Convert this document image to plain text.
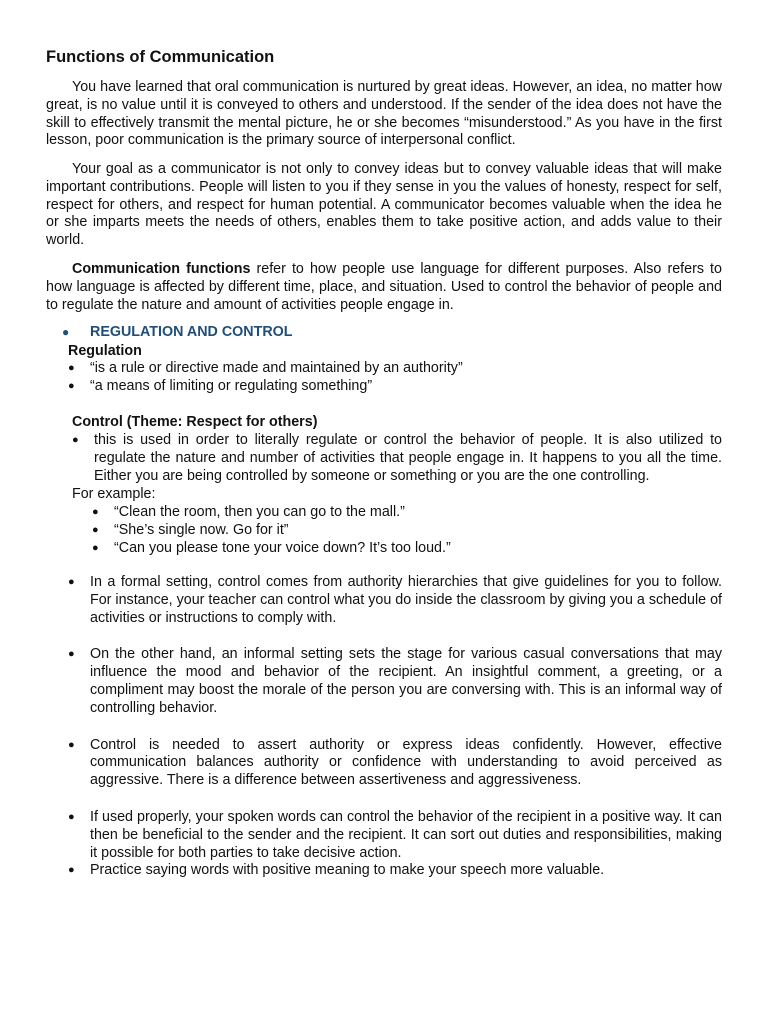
Functions of Communication

You have learned that oral communication is nurtured by great ideas. However, an idea, no matter how great, is no value until it is conveyed to others and understood. If the sender of the idea does not have the skill to effectively transmit the mental picture, he or she becomes “misunderstood.” As you have in the first lesson, poor communication is the primary source of interpersonal conflict.

Your goal as a communicator is not only to convey ideas but to convey valuable ideas that will make important contributions. People will listen to you if they sense in you the values of honesty, respect for self, respect for others, and respect for human potential. A communicator becomes valuable when the idea he or she imparts meets the needs of others, enables them to take positive action, and adds value to their world.

Communication functions refer to how people use language for different purposes. Also refers to how language is affected by different time, place, and situation. Used to control the behavior of people and to regulate the nature and amount of activities people engage in.

●	REGULATION AND CONTROL

Regulation

●	“is a rule or directive made and maintained by an authority”
●	“a means of limiting or regulating something”

Control (Theme: Respect for others)

●	this is used in order to literally regulate or control the behavior of people. It is also utilized to regulate the nature and number of activities that people engage in. It happens to you all the time. Either you are being controlled by someone or something or you are the one controlling.

For example:

●	“Clean the room, then you can go to the mall.”
●	“She’s single now. Go for it”
●	“Can you please tone your voice down? It’s too loud.”
●	In a formal setting, control comes from authority hierarchies that give guidelines for you to follow. For instance, your teacher can control what you do inside the classroom by giving you a schedule of activities or instructions to comply with.
●	On the other hand, an informal setting sets the stage for various casual conversations that may influence the mood and behavior of the recipient. An insightful comment, a greeting, or a compliment may boost the morale of the person you are conversing with. This is an informal way of controlling behavior.
●	Control is needed to assert authority or express ideas confidently. However, effective communication balances authority or confidence with understanding to avoid perceived as aggressive. There is a difference between assertiveness and aggressiveness.
●	If used properly, your spoken words can control the behavior of the recipient in a positive way. It can then be beneficial to the sender and the recipient. It can sort out duties and responsibilities, making it possible for both parties to take decisive action.
●	Practice saying words with positive meaning to make your speech more valuable.
